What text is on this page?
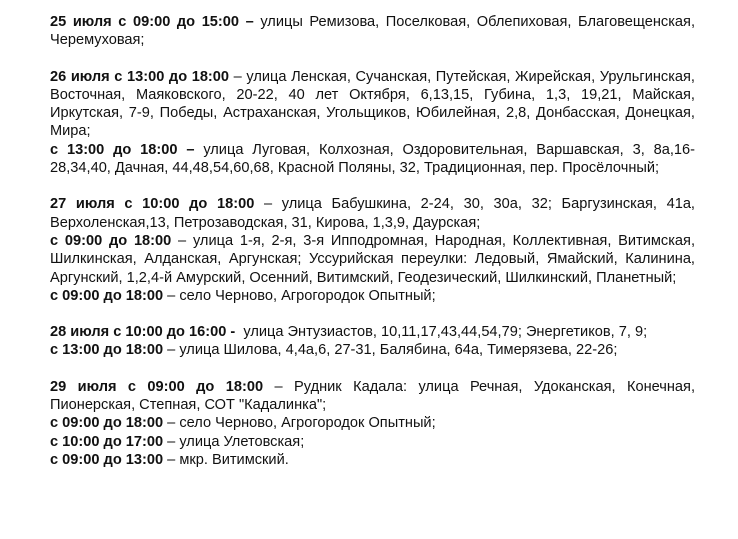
25 июля с 09:00 до 15:00 – улицы Ремизова, Поселковая, Облепиховая, Благовещенская, Черемуховая;

26 июля с 13:00 до 18:00 – улица Ленская, Сучанская, Путейская, Жирейская, Урульгинская, Восточная, Маяковского, 20-22, 40 лет Октября, 6,13,15, Губина, 1,3, 19,21, Майская, Иркутская, 7-9, Победы, Астраханская, Угольщиков, Юбилейная, 2,8, Донбасская, Донецкая, Мира;

с 13:00 до 18:00 – улица Луговая, Колхозная, Оздоровительная, Варшавская, 3, 8а,16-28,34,40, Дачная, 44,48,54,60,68, Красной Поляны, 32, Традиционная, пер. Просёлочный;

27 июля с 10:00 до 18:00 – улица Бабушкина, 2-24, 30, 30а, 32; Баргузинская, 41а, Верхоленская,13, Петрозаводская, 31, Кирова, 1,3,9, Даурская;

с 09:00 до 18:00 – улица 1-я, 2-я, 3-я Ипподромная, Народная, Коллективная, Витимская, Шилкинская, Алданская, Аргунская; Уссурийская переулки: Ледовый, Ямайский, Калинина, Аргунский, 1,2,4-й Амурский, Осенний, Витимский, Геодезический, Шилкинский, Планетный;

с 09:00 до 18:00 – село Черново, Агрогородок Опытный;

28 июля с 10:00 до 16:00 -  улица Энтузиастов, 10,11,17,43,44,54,79; Энергетиков, 7, 9;

с 13:00 до 18:00 – улица Шилова, 4,4а,6, 27-31, Балябина, 64а, Тимерязева, 22-26;

29 июля с 09:00 до 18:00 – Рудник Кадала: улица Речная, Удоканская, Конечная, Пионерская, Степная, СОТ "Кадалинка";

с 09:00 до 18:00 – село Черново, Агрогородок Опытный;

с 10:00 до 17:00 – улица Улетовская;

с 09:00 до 13:00 – мкр. Витимский.
